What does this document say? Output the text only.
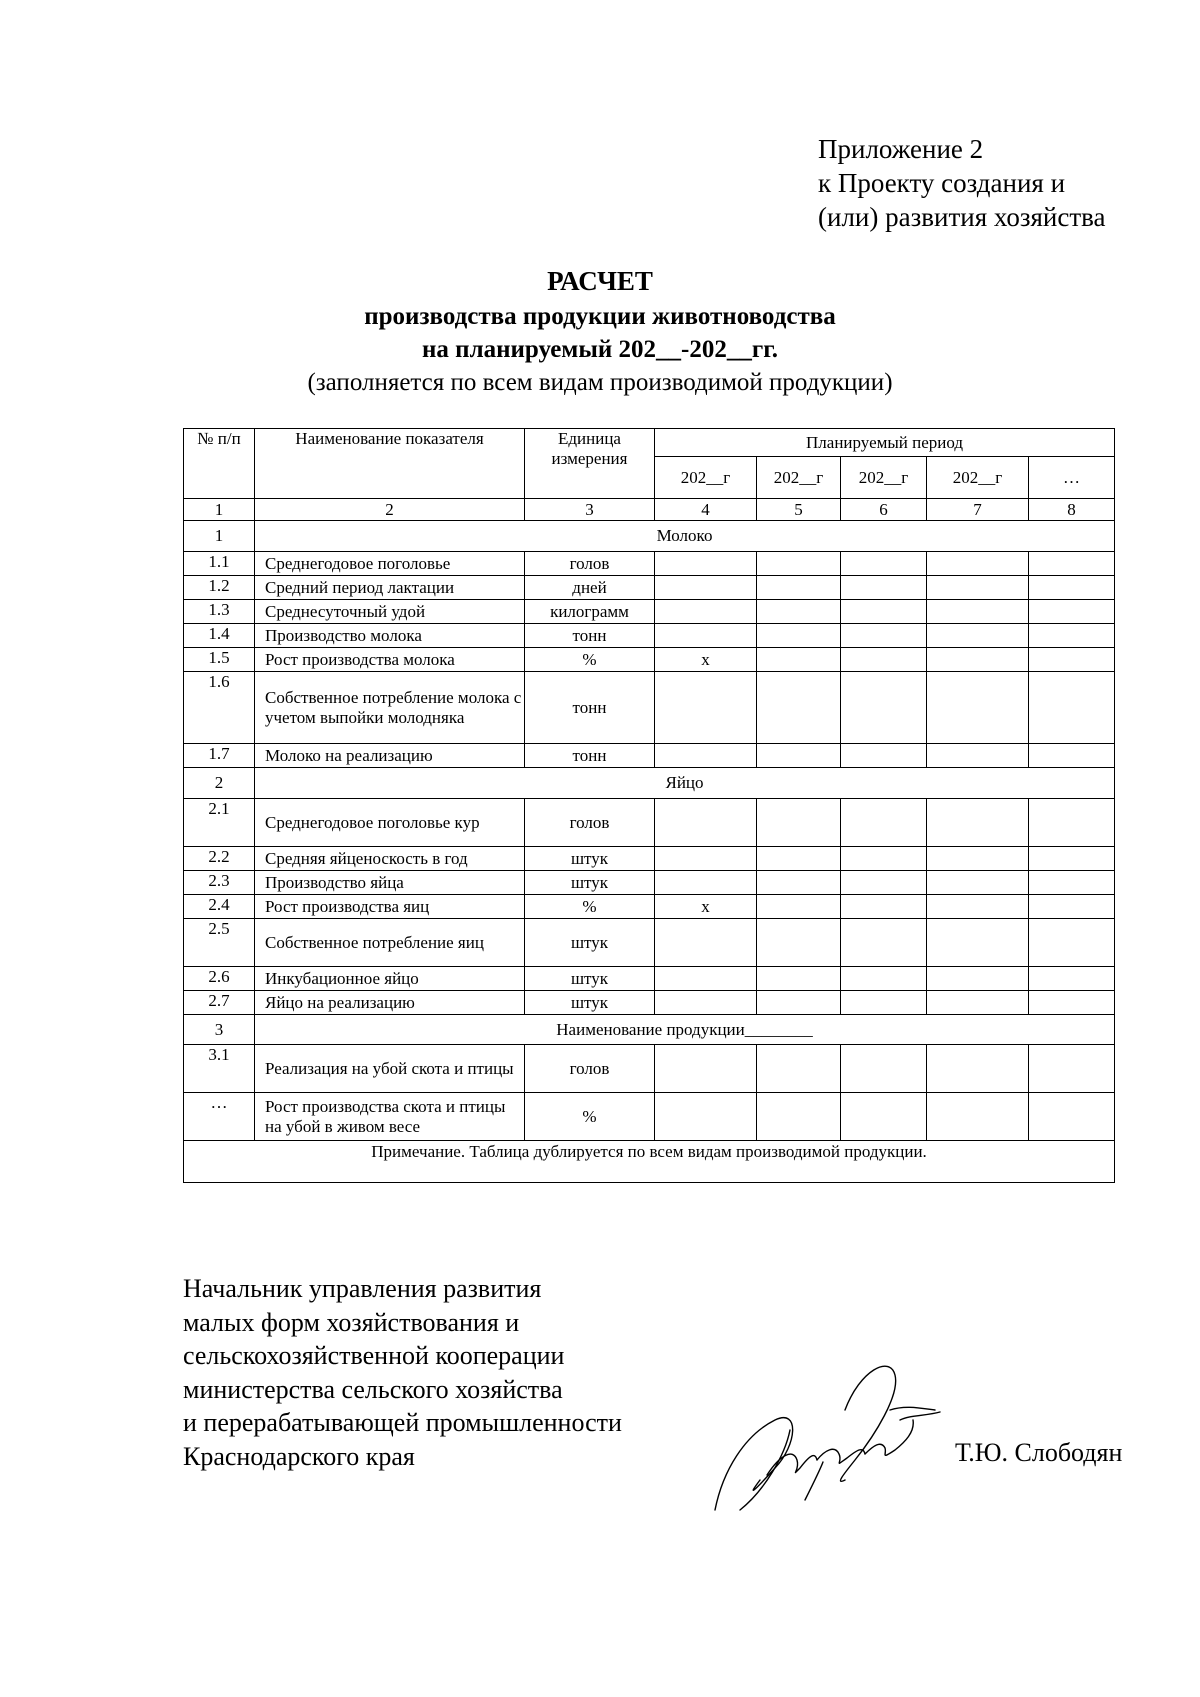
Приложение 2
к Проекту создания и
(или) развития хозяйства
РАСЧЕТ
производства продукции животноводства
на планируемый 202__-202__гг.
(заполняется по всем видам производимой продукции)
№ п/п	Наименование показателя	Единица измерения	Планируемый период				
			202__г	202__г	202__г	202__г	…
1	2	3	4	5	6	7	8
1	Молоко						
1.1	Среднегодовое поголовье	голов					
1.2	Средний период лактации	дней					
1.3	Среднесуточный удой	килограмм					
1.4	Производство молока	тонн					
1.5	Рост производства молока	%	x				
1.6	Собственное потребление молока с учетом выпойки молодняка	тонн					
1.7	Молоко на реализацию	тонн					
2	Яйцо						
2.1	Среднегодовое поголовье кур	голов					
2.2	Средняя яйценоскость в год	штук					
2.3	Производство яйца	штук					
2.4	Рост производства яиц	%	x				
2.5	Собственное потребление яиц	штук					
2.6	Инкубационное яйцо	штук					
2.7	Яйцо на реализацию	штук					
3	Наименование продукции________						
3.1	Реализация на убой скота и птицы	голов					
…	Рост производства скота и птицы на убой в живом весе	%					
Примечание. Таблица дублируется по всем видам производимой продукции.							
Начальник управления развития
малых форм хозяйствования и
сельскохозяйственной кооперации
министерства сельского хозяйства
и перерабатывающей промышленности
Краснодарского края	Т.Ю. Слободян
